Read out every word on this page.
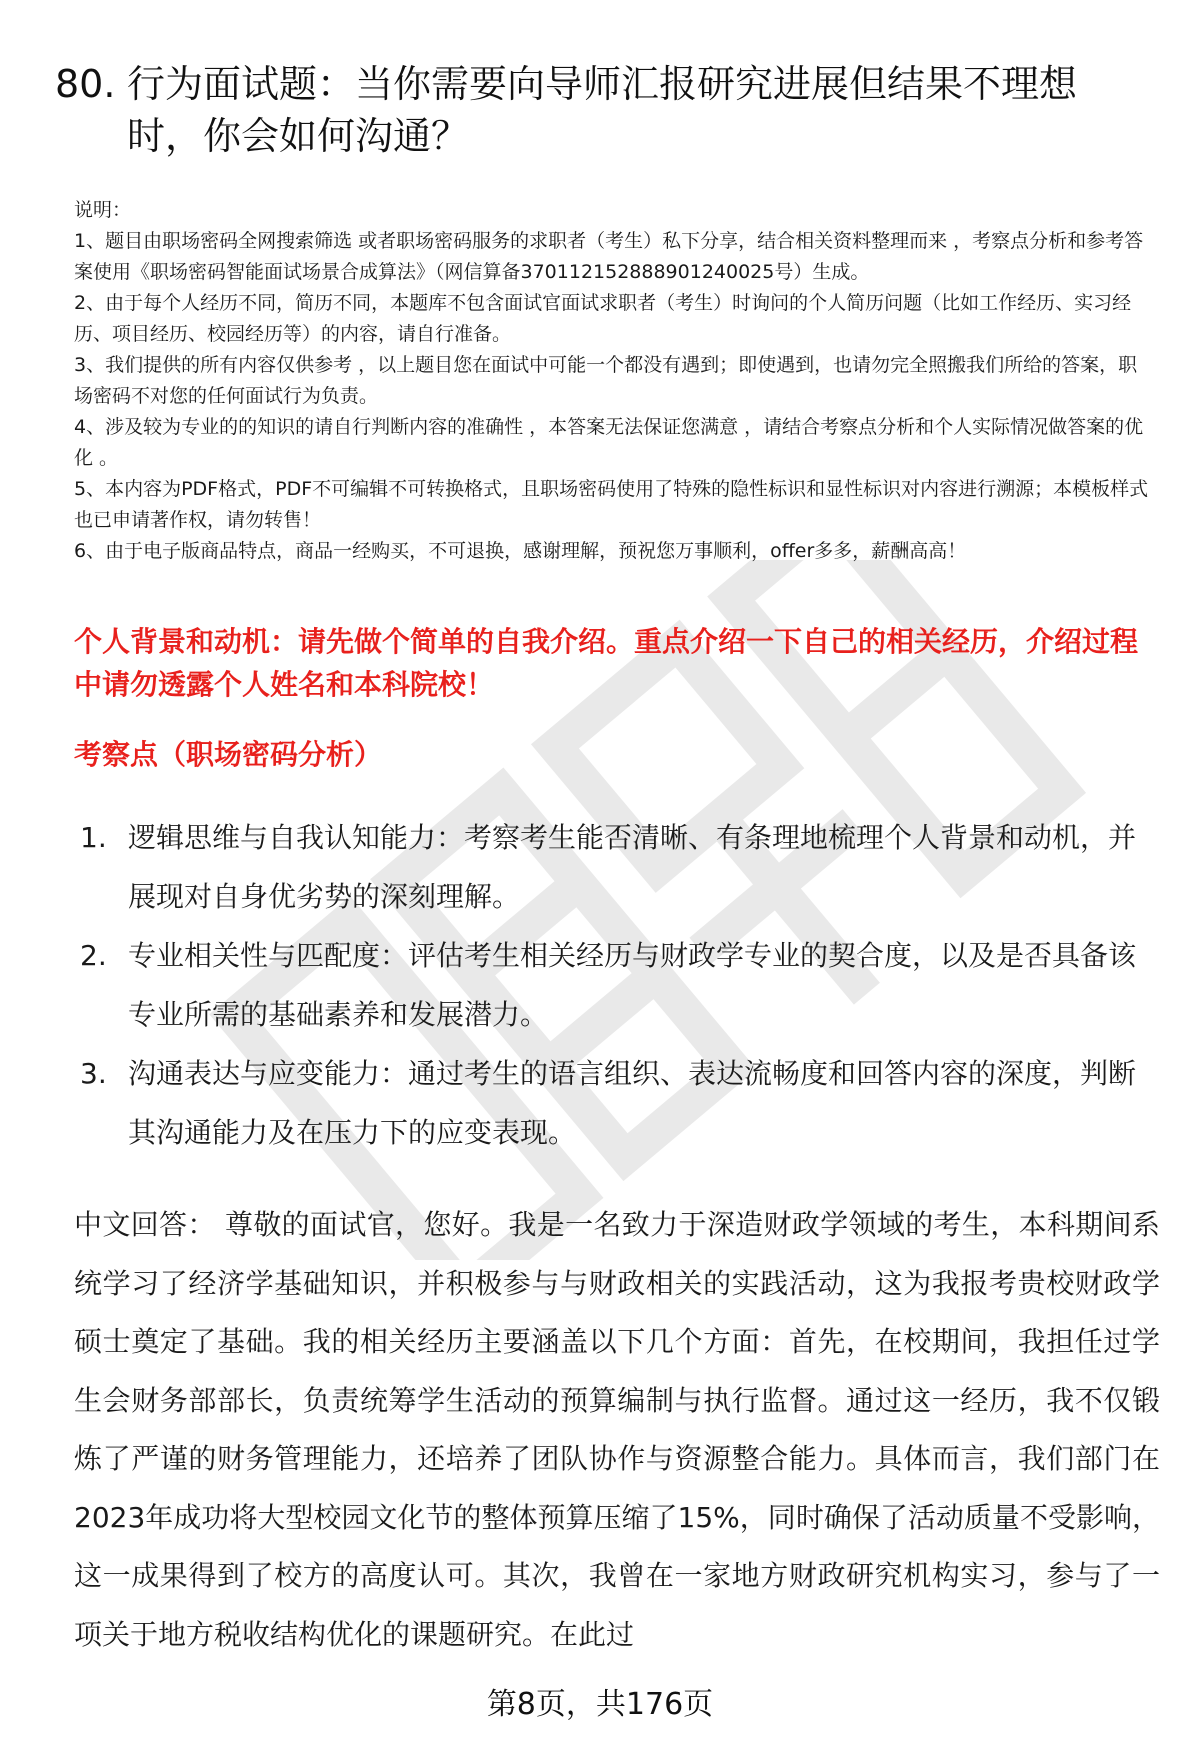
80. 行为面试题：当你需要向导师汇报研究进展但结果不理想时，你会如何沟通？

说明：

1、题目由职场密码全网搜索筛选 或者职场密码服务的求职者（考生）私下分享，结合相关资料整理而来 ，考察点分析和参考答案使用《职场密码智能面试场景合成算法》（网信算备370112152888901240025号）生成。

2、由于每个人经历不同，简历不同，本题库不包含面试官面试求职者（考生）时询问的个人简历问题（比如工作经历、实习经历、项目经历、校园经历等）的内容，请自行准备。

3、我们提供的所有内容仅供参考 ，以上题目您在面试中可能一个都没有遇到；即使遇到，也请勿完全照搬我们所给的答案，职场密码不对您的任何面试行为负责。

4、涉及较为专业的的知识的请自行判断内容的准确性 ，本答案无法保证您满意 ，请结合考察点分析和个人实际情况做答案的优化 。

5、本内容为PDF格式，PDF不可编辑不可转换格式，且职场密码使用了特殊的隐性标识和显性标识对内容进行溯源；本模板样式也已申请著作权，请勿转售！

6、由于电子版商品特点，商品一经购买，不可退换，感谢理解，预祝您万事顺利，offer多多，薪酬高高！

个人背景和动机：请先做个简单的自我介绍。重点介绍一下自己的相关经历，介绍过程中请勿透露个人姓名和本科院校！
考察点（职场密码分析）
1. 逻辑思维与自我认知能力：考察考生能否清晰、有条理地梳理个人背景和动机，并展现对自身优劣势的深刻理解。
2. 专业相关性与匹配度：评估考生相关经历与财政学专业的契合度，以及是否具备该专业所需的基础素养和发展潜力。
3. 沟通表达与应变能力：通过考生的语言组织、表达流畅度和回答内容的深度，判断其沟通能力及在压力下的应变表现。
中文回答： 尊敬的面试官，您好。我是一名致力于深造财政学领域的考生，本科期间系统学习了经济学基础知识，并积极参与与财政相关的实践活动，这为我报考贵校财政学硕士奠定了基础。我的相关经历主要涵盖以下几个方面：首先，在校期间，我担任过学生会财务部部长，负责统筹学生活动的预算编制与执行监督。通过这一经历，我不仅锻炼了严谨的财务管理能力，还培养了团队协作与资源整合能力。具体而言，我们部门在2023年成功将大型校园文化节的整体预算压缩了15%，同时确保了活动质量不受影响，这一成果得到了校方的高度认可。其次，我曾在一家地方财政研究机构实习，参与了一项关于地方税收结构优化的课题研究。在此过
第8页，共176页
